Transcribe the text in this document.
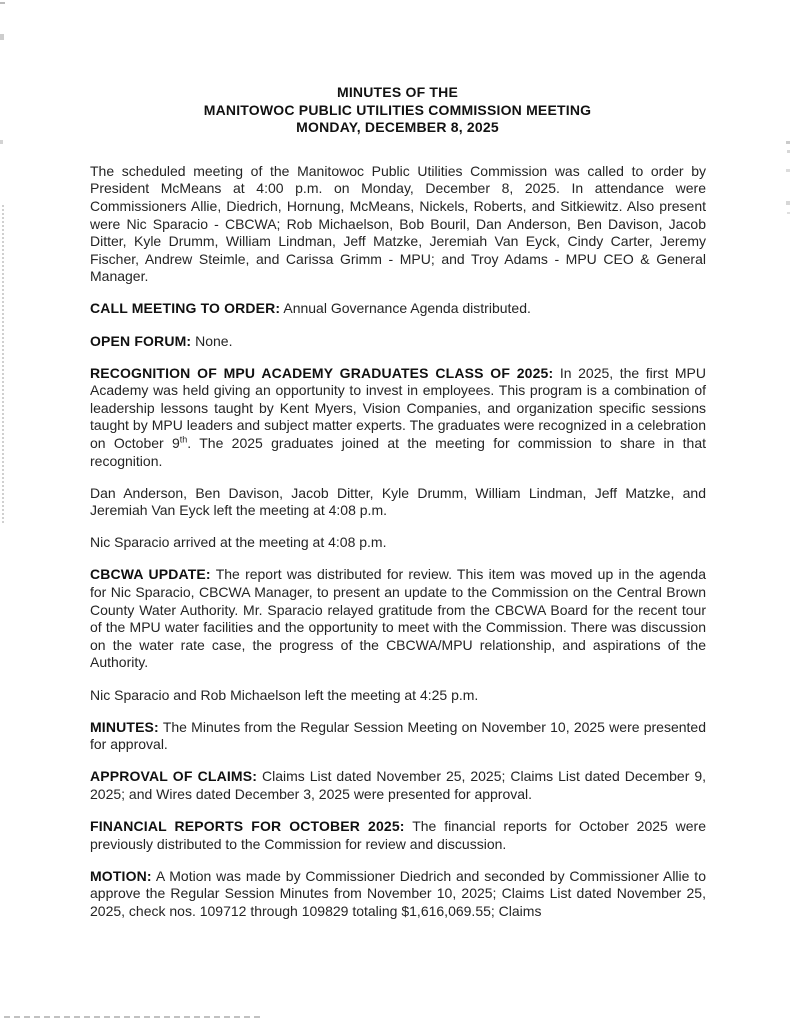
MINUTES OF THE
MANITOWOC PUBLIC UTILITIES COMMISSION MEETING
MONDAY, DECEMBER 8, 2025

The scheduled meeting of the Manitowoc Public Utilities Commission was called to order by President McMeans at 4:00 p.m. on Monday, December 8, 2025. In attendance were Commissioners Allie, Diedrich, Hornung, McMeans, Nickels, Roberts, and Sitkiewitz. Also present were Nic Sparacio - CBCWA; Rob Michaelson, Bob Bouril, Dan Anderson, Ben Davison, Jacob Ditter, Kyle Drumm, William Lindman, Jeff Matzke, Jeremiah Van Eyck, Cindy Carter, Jeremy Fischer, Andrew Steimle, and Carissa Grimm - MPU; and Troy Adams - MPU CEO & General Manager.

CALL MEETING TO ORDER: Annual Governance Agenda distributed.

OPEN FORUM: None.

RECOGNITION OF MPU ACADEMY GRADUATES CLASS OF 2025: In 2025, the first MPU Academy was held giving an opportunity to invest in employees. This program is a combination of leadership lessons taught by Kent Myers, Vision Companies, and organization specific sessions taught by MPU leaders and subject matter experts. The graduates were recognized in a celebration on October 9th. The 2025 graduates joined at the meeting for commission to share in that recognition.

Dan Anderson, Ben Davison, Jacob Ditter, Kyle Drumm, William Lindman, Jeff Matzke, and Jeremiah Van Eyck left the meeting at 4:08 p.m.

Nic Sparacio arrived at the meeting at 4:08 p.m.

CBCWA UPDATE: The report was distributed for review. This item was moved up in the agenda for Nic Sparacio, CBCWA Manager, to present an update to the Commission on the Central Brown County Water Authority. Mr. Sparacio relayed gratitude from the CBCWA Board for the recent tour of the MPU water facilities and the opportunity to meet with the Commission. There was discussion on the water rate case, the progress of the CBCWA/MPU relationship, and aspirations of the Authority.

Nic Sparacio and Rob Michaelson left the meeting at 4:25 p.m.

MINUTES: The Minutes from the Regular Session Meeting on November 10, 2025 were presented for approval.

APPROVAL OF CLAIMS: Claims List dated November 25, 2025; Claims List dated December 9, 2025; and Wires dated December 3, 2025 were presented for approval.

FINANCIAL REPORTS FOR OCTOBER 2025: The financial reports for October 2025 were previously distributed to the Commission for review and discussion.

MOTION: A Motion was made by Commissioner Diedrich and seconded by Commissioner Allie to approve the Regular Session Minutes from November 10, 2025; Claims List dated November 25, 2025, check nos. 109712 through 109829 totaling $1,616,069.55; Claims
